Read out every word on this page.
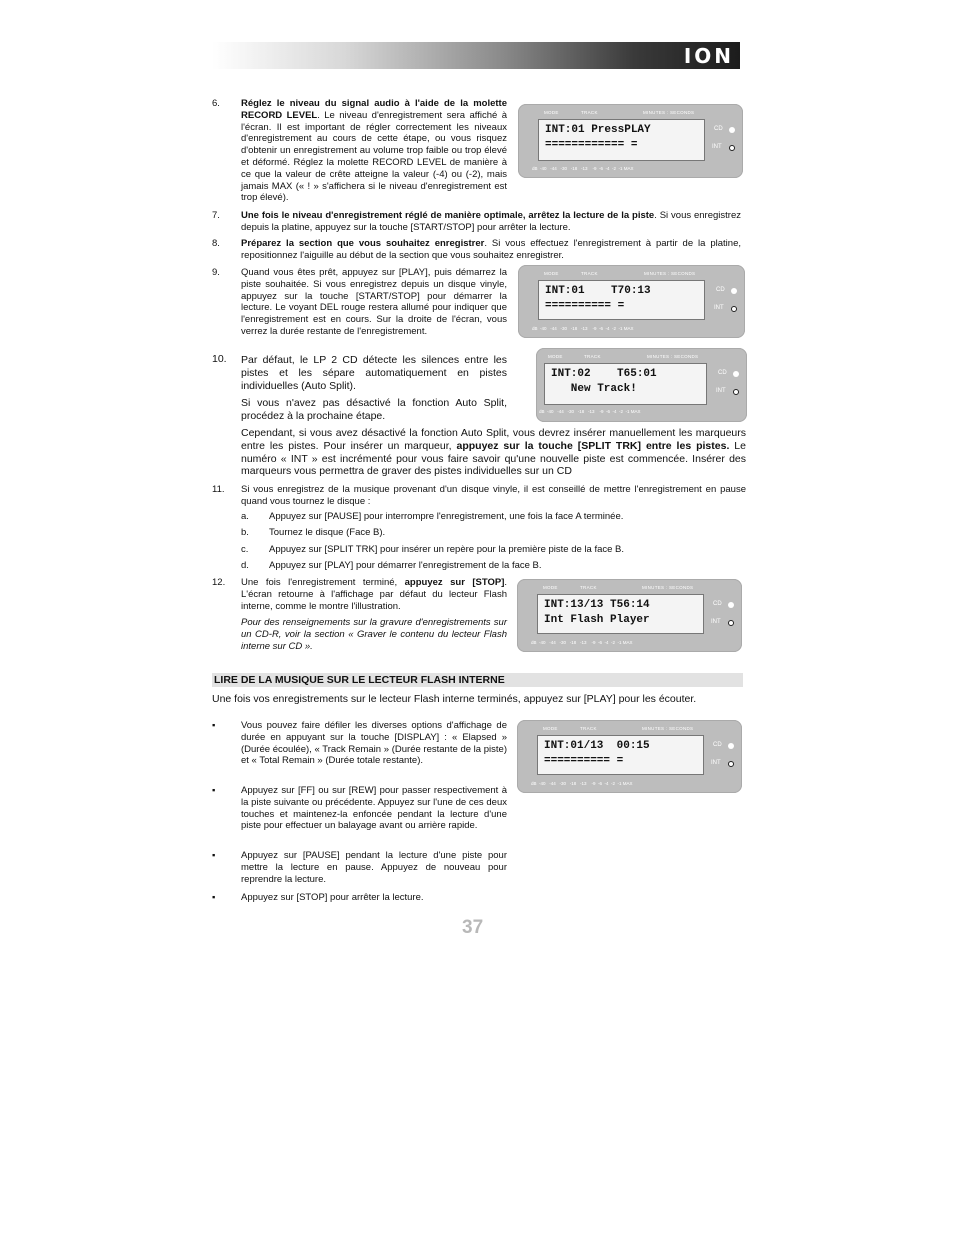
ION
6. Réglez le niveau du signal audio à l'aide de la molette RECORD LEVEL. Le niveau d'enregistrement sera affiché à l'écran. Il est important de régler correctement les niveaux d'enregistrement au cours de cette étape, ou vous risquez d'obtenir un enregistrement au volume trop faible ou trop élevé et déformé. Réglez la molette RECORD LEVEL de manière à ce que la valeur de crête atteigne la valeur (-4) ou (-2), mais jamais MAX (« ! » s'affichera si le niveau d'enregistrement est trop élevé).

7. Une fois le niveau d'enregistrement réglé de manière optimale, arrêtez la lecture de la piste. Si vous enregistrez depuis la platine, appuyez sur la touche [START/STOP] pour arrêter la lecture.

8. Préparez la section que vous souhaitez enregistrer. Si vous effectuez l'enregistrement à partir de la platine, repositionnez l'aiguille au début de la section que vous souhaitez enregistrer.

9. Quand vous êtes prêt, appuyez sur [PLAY], puis démarrez la piste souhaitée. Si vous enregistrez depuis un disque vinyle, appuyez sur la touche [START/STOP] pour démarrer la lecture. Le voyant DEL rouge restera allumé pour indiquer que l'enregistrement est en cours. Sur la droite de l'écran, vous verrez la durée restante de l'enregistrement.

10. Par défaut, le LP 2 CD détecte les silences entre les pistes et les sépare automatiquement en pistes individuelles (Auto Split).

Si vous n'avez pas désactivé la fonction Auto Split, procédez à la prochaine étape.

Cependant, si vous avez désactivé la fonction Auto Split, vous devrez insérer manuellement les marqueurs entre les pistes. Pour insérer un marqueur, appuyez sur la touche [SPLIT TRK] entre les pistes. Le numéro « INT » est incrémenté pour vous faire savoir qu'une nouvelle piste est commencée. Insérer des marqueurs vous permettra de graver des pistes individuelles sur un CD

11. Si vous enregistrez de la musique provenant d'un disque vinyle, il est conseillé de mettre l'enregistrement en pause quand vous tournez le disque :

a. Appuyez sur [PAUSE] pour interrompre l'enregistrement, une fois la face A terminée.
b. Tournez le disque (Face B).
c. Appuyez sur [SPLIT TRK] pour insérer un repère pour la première piste de la face B.
d. Appuyez sur [PLAY] pour démarrer l'enregistrement de la face B.
12. Une fois l'enregistrement terminé, appuyez sur [STOP]. L'écran retourne à l'affichage par défaut du lecteur Flash interne, comme le montre l'illustration.

Pour des renseignements sur la gravure d'enregistrements sur un CD-R, voir la section « Graver le contenu du lecteur Flash interne sur CD ».

LIRE DE LA MUSIQUE SUR LE LECTEUR FLASH INTERNE

Une fois vos enregistrements sur le lecteur Flash interne terminés, appuyez sur [PLAY] pour les écouter.

▪	Vous pouvez faire défiler les diverses options d'affichage de durée en appuyant sur la touche [DISPLAY] : « Elapsed » (Durée écoulée), « Track Remain » (Durée restante de la piste) et « Total Remain » (Durée totale restante).

▪	Appuyez sur [FF] ou sur [REW] pour passer respectivement à la piste suivante ou précédente. Appuyez sur l'une de ces deux touches et maintenez-la enfoncée pendant la lecture d'une piste pour effectuer un balayage avant ou arrière rapide.

▪	Appuyez sur [PAUSE] pendant la lecture d'une piste pour mettre la lecture en pause. Appuyez de nouveau pour reprendre la lecture.

▪	Appuyez sur [STOP] pour arrêter la lecture.

MODE	TRACK	MINUTES : SECONDS
INT:01 PressPLAY
============ =
CD
INT
dB  -40   -44   -30   -18   -13    -9  -6  -4  -2  -1 MAX
MODE	TRACK	MINUTES : SECONDS
INT:01    T70:13
========== =
CD
INT
dB  -40   -44   -30   -18   -13    -9  -6  -4  -2  -1 MAX
MODE	TRACK	MINUTES : SECONDS
INT:02    T65:01
New Track!
CD
INT
dB  -40   -44   -30   -18   -13    -9  -6  -4  -2  -1 MAX
MODE	TRACK	MINUTES : SECONDS
INT:13/13 T56:14
Int Flash Player
CD
INT
dB  -40   -44   -30   -18   -13    -9  -6  -4  -2  -1 MAX
MODE	TRACK	MINUTES : SECONDS
INT:01/13  00:15
========== =
CD
INT
dB  -40   -44   -30   -18   -13    -9  -6  -4  -2  -1 MAX
37
